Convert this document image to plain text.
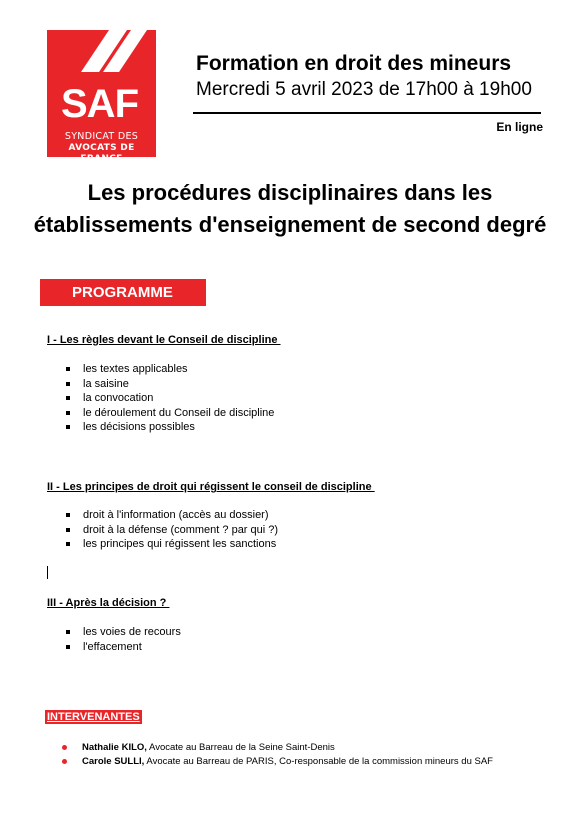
SAF
SYNDICAT DES
AVOCATS DE FRANCE
Formation en droit des mineurs
Mercredi 5 avril 2023 de 17h00 à 19h00
En ligne
Les procédures disciplinaires dans les
établissements d'enseignement de second degré
PROGRAMME
I - Les règles devant le Conseil de discipline
les textes applicables
la saisine
la convocation
le déroulement du Conseil de discipline
les décisions possibles
II - Les principes de droit qui régissent le conseil de discipline
droit à l'information (accès au dossier)
droit à la défense (comment ? par qui ?)
les principes qui régissent les sanctions
III - Après la décision ?
les voies de recours
l'effacement
INTERVENANTES
Nathalie KILO, Avocate au Barreau de la Seine Saint-Denis
Carole SULLI, Avocate au Barreau de PARIS, Co-responsable de la commission mineurs du SAF
